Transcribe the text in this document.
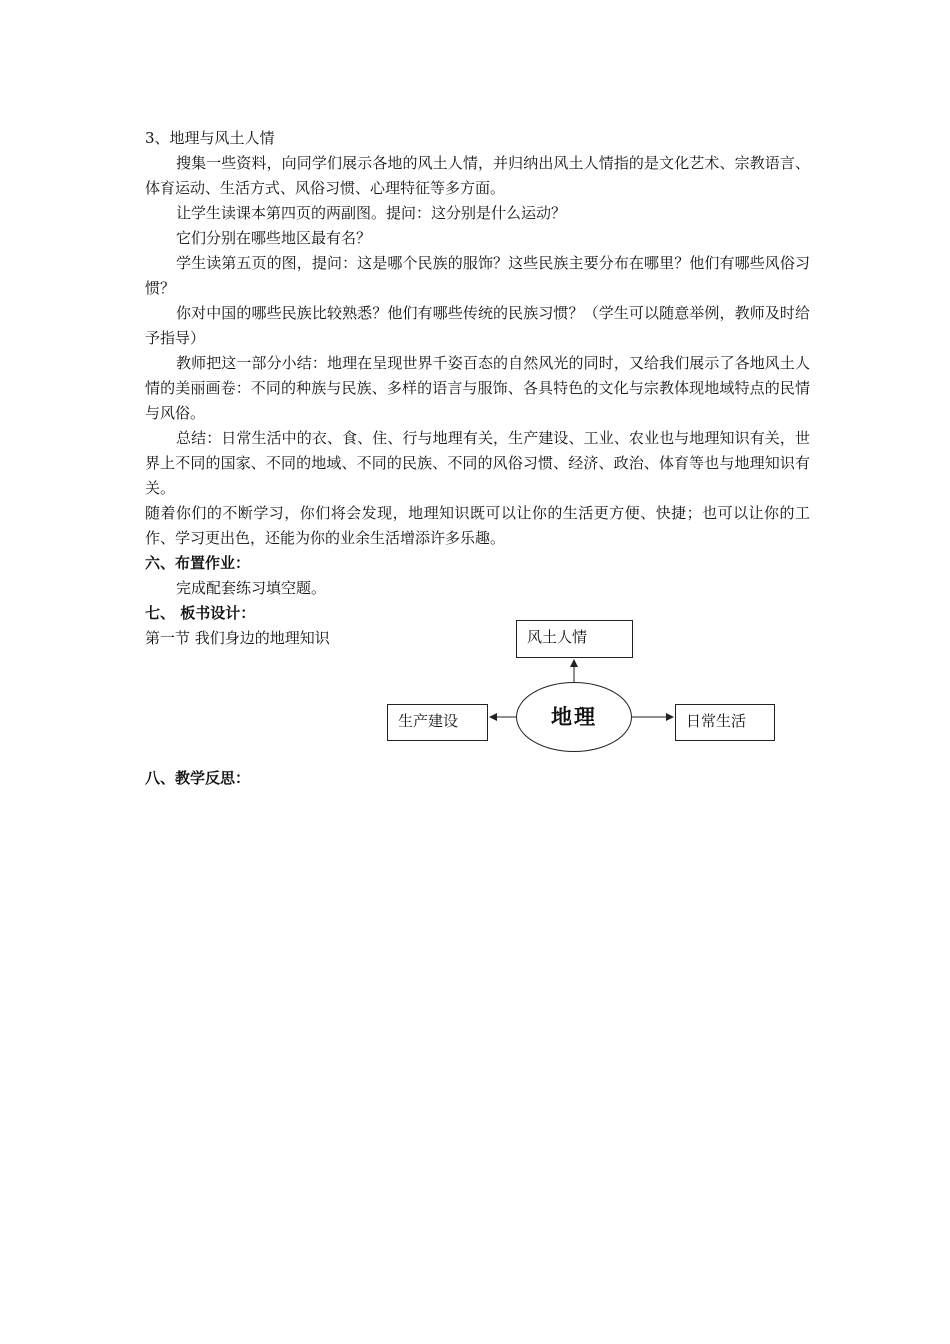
3、地理与风土人情

搜集一些资料，向同学们展示各地的风土人情，并归纳出风土人情指的是文化艺术、宗教语言、体育运动、生活方式、风俗习惯、心理特征等多方面。

让学生读课本第四页的两副图。提问：这分别是什么运动？

它们分别在哪些地区最有名？

学生读第五页的图，提问：这是哪个民族的服饰？这些民族主要分布在哪里？他们有哪些风俗习惯？

你对中国的哪些民族比较熟悉？他们有哪些传统的民族习惯？（学生可以随意举例，教师及时给予指导）

教师把这一部分小结：地理在呈现世界千姿百态的自然风光的同时，又给我们展示了各地风土人情的美丽画卷：不同的种族与民族、多样的语言与服饰、各具特色的文化与宗教体现地域特点的民情与风俗。

总结：日常生活中的衣、食、住、行与地理有关，生产建设、工业、农业也与地理知识有关，世界上不同的国家、不同的地域、不同的民族、不同的风俗习惯、经济、政治、体育等也与地理知识有关。

随着你们的不断学习，你们将会发现，地理知识既可以让你的生活更方便、快捷；也可以让你的工作、学习更出色，还能为你的业余生活增添许多乐趣。

六、布置作业：

完成配套练习填空题。

七、 板书设计：

第一节 我们身边的地理知识	风土人情
生产建设	日常生活
地理

八、教学反思：
